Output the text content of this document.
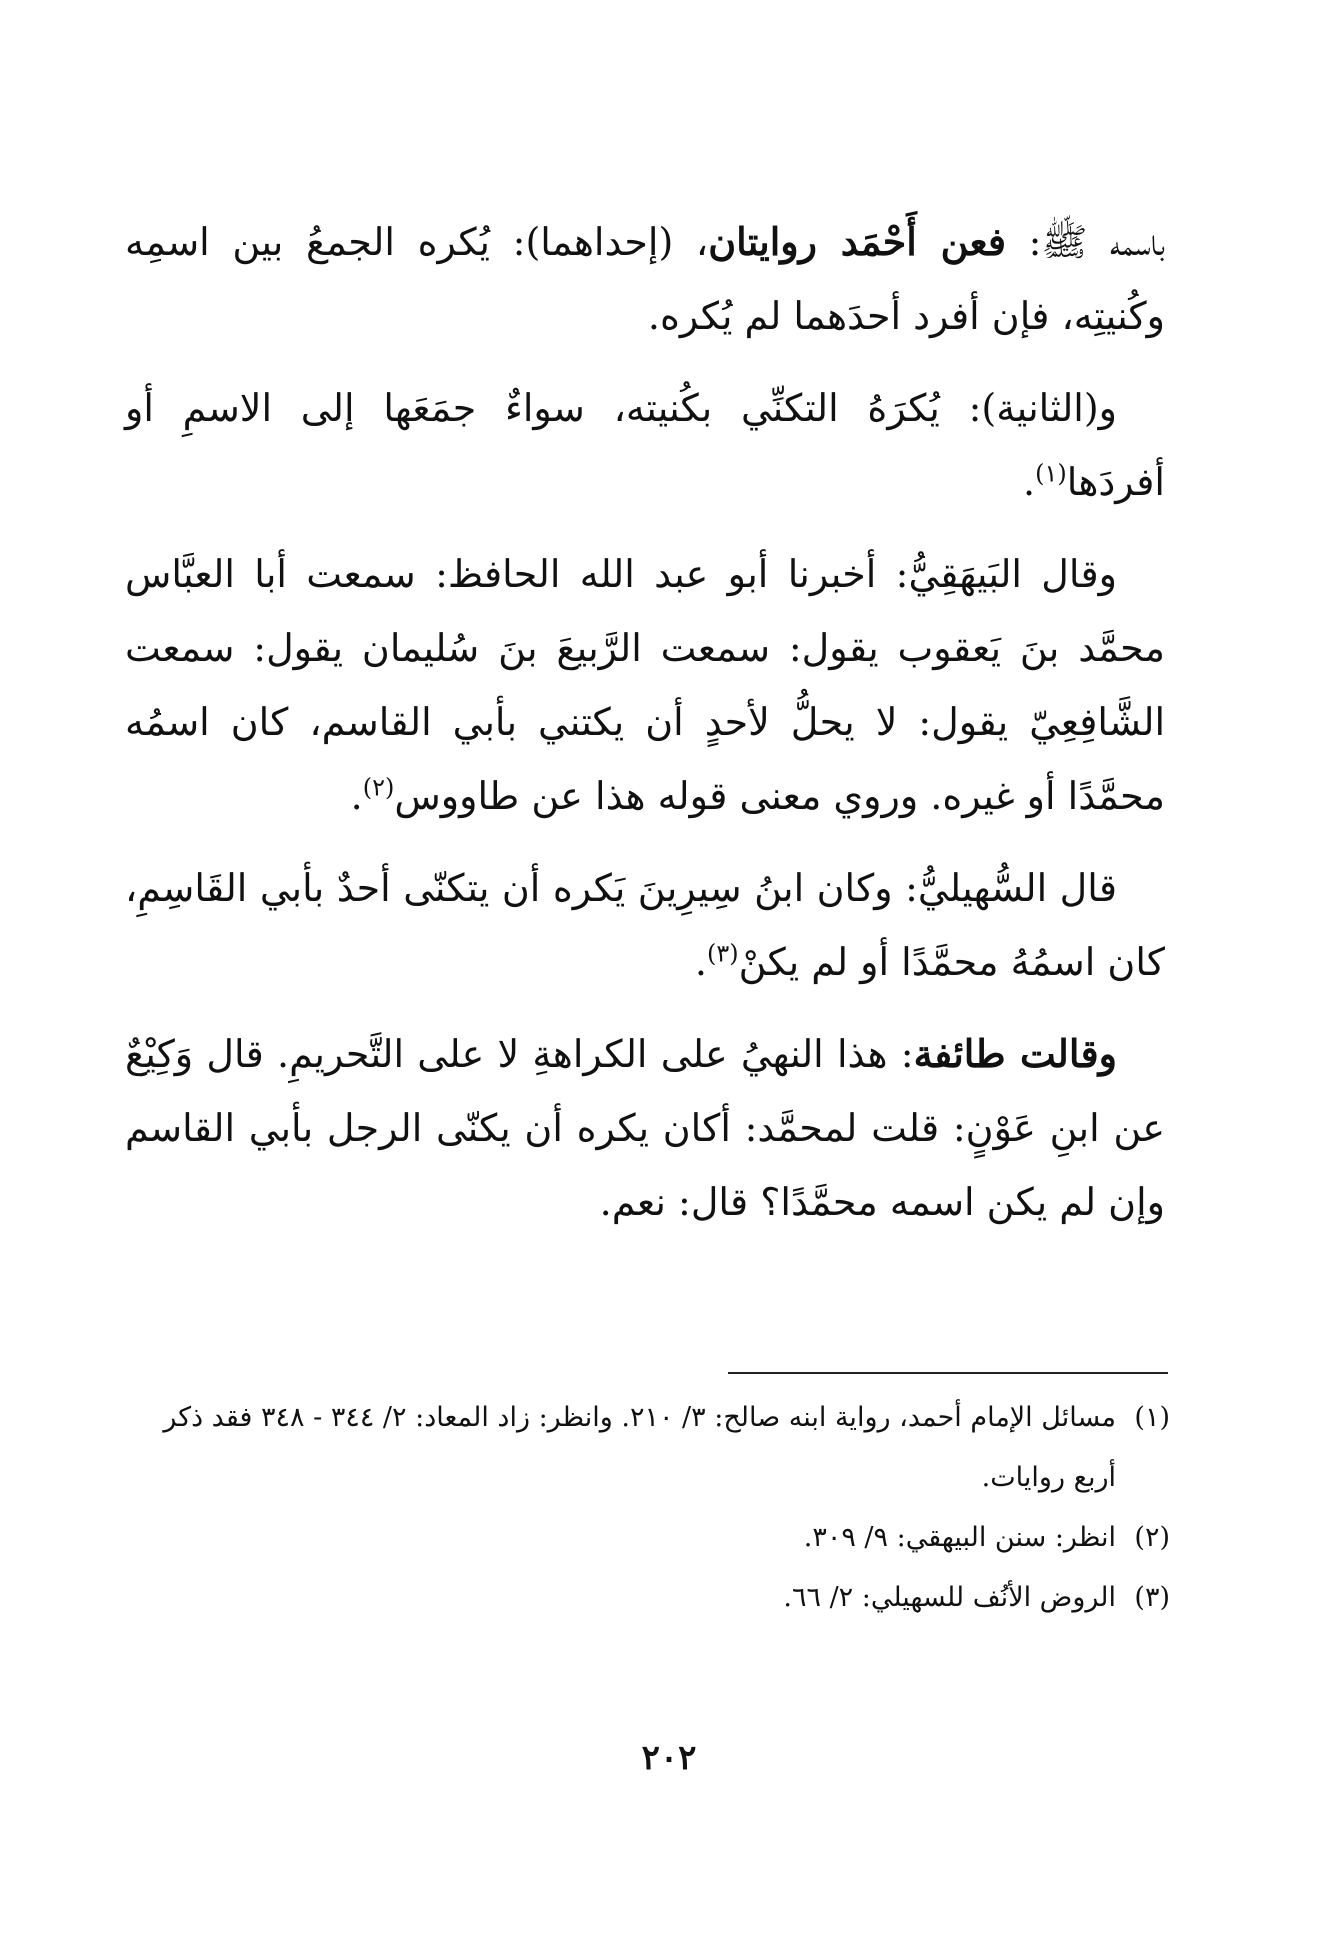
باسمه ﷺ: فعن أَحْمَد روايتان، (إحداهما): يُكره الجمعُ بين اسمِه وكُنيتِه، فإن أفرد أحدَهما لم يُكره.

و(الثانية): يُكرَهُ التكنِّي بكُنيته، سواءٌ جمَعَها إلى الاسمِ أو أفردَها$^{(١)}$.

وقال البَيهَقِيُّ: أخبرنا أبو عبد الله الحافظ: سمعت أبا العبَّاس محمَّد بنَ يَعقوب يقول: سمعت الرَّبيعَ بنَ سُليمان يقول: سمعت الشَّافِعِيّ يقول: لا يحلُّ لأحدٍ أن يكتني بأبي القاسم، كان اسمُه محمَّدًا أو غيره. وروي معنى قوله هذا عن طاووس$^{(٢)}$.

قال السُّهيليُّ: وكان ابنُ سِيرِينَ يَكره أن يتكنّى أحدٌ بأبي القَاسِمِ، كان اسمُهُ محمَّدًا أو لم يكنْ$^{(٣)}$.

وقالت طائفة: هذا النهيُ على الكراهةِ لا على التَّحريمِ. قال وَكِيْعٌ عن ابنِ عَوْنٍ: قلت لمحمَّد: أكان يكره أن يكنّى الرجل بأبي القاسم وإن لم يكن اسمه محمَّدًا؟ قال: نعم.

(١)
مسائل الإمام أحمد، رواية ابنه صالح: ٣/ ٢١٠. وانظر: زاد المعاد: ٢/ ٣٤٤ - ٣٤٨ فقد ذكر أربع روايات.
(٢)
انظر: سنن البيهقي: ٩/ ٣٠٩.
(٣)
الروض الأنُف للسهيلي: ٢/ ٦٦.
٢٠٢
